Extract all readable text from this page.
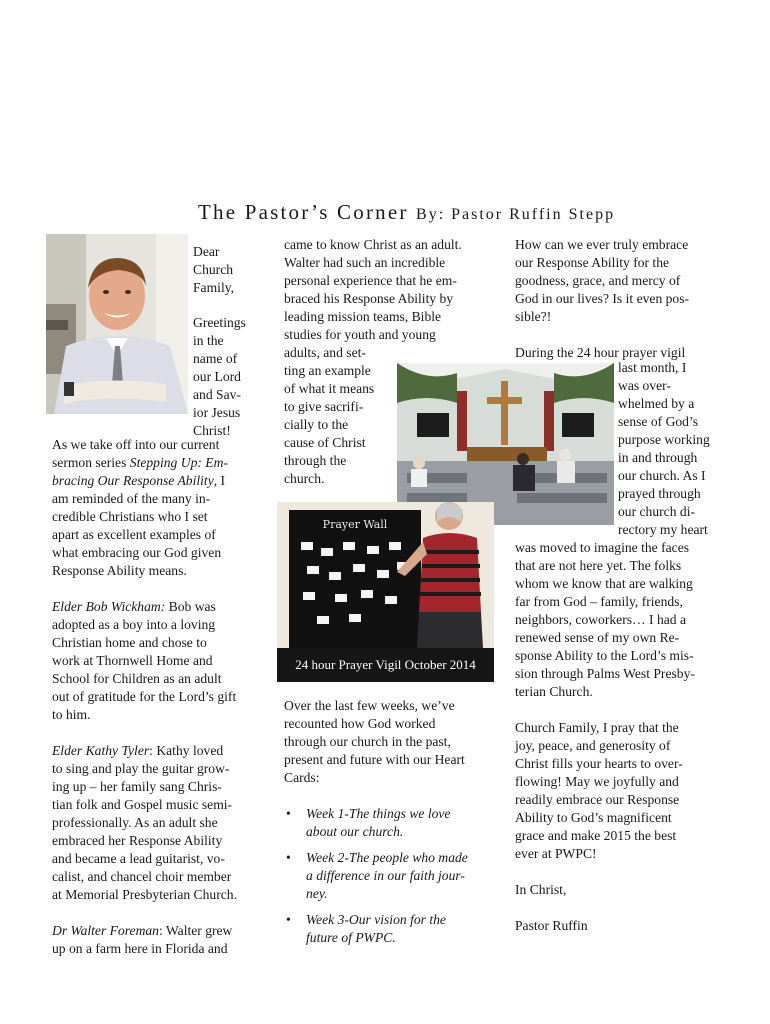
The Pastor’s Corner By: Pastor Ruffin Stepp

Dear

Church

Family,

Greetings

in the

name of

our Lord

and Sav-

ior Jesus

Christ!

As we take off into our current

sermon series Stepping Up: Em-

bracing Our Response Ability, I

am reminded of the many in-

credible Christians who I set

apart as excellent examples of

what embracing our God given

Response Ability means.

Elder Bob Wickham: Bob was

adopted as a boy into a loving

Christian home and chose to

work at Thornwell Home and

School for Children as an adult

out of gratitude for the Lord’s gift

to him.

Elder Kathy Tyler: Kathy loved

to sing and play the guitar grow-

ing up – her family sang Chris-

tian folk and Gospel music semi-

professionally. As an adult she

embraced her Response Ability

and became a lead guitarist, vo-

calist, and chancel choir member

at Memorial Presbyterian Church.

Dr Walter Foreman: Walter grew

up on a farm here in Florida and

came to know Christ as an adult.

Walter had such an incredible

personal experience that he em-

braced his Response Ability by

leading mission teams, Bible

studies for youth and young

adults, and set-

ting an example

of what it means

to give sacrifi-

cially to the

cause of Christ

through the

church.

Prayer Wall
24 hour Prayer Vigil October 2014

Over the last few weeks, we’ve

recounted how God worked

through our church in the past,

present and future with our Heart

Cards:

• Week 1-The things we love
about our church.
• Week 2-The people who made
a difference in our faith jour-
ney.
• Week 3-Our vision for the
future of PWPC.

How can we ever truly embrace

our Response Ability for the

goodness, grace, and mercy of

God in our lives? Is it even pos-

sible?!

During the 24 hour prayer vigil

last month, I

was over-

whelmed by a

sense of God’s

purpose working

in and through

our church. As I

prayed through

our church di-

rectory my heart

was moved to imagine the faces

that are not here yet. The folks

whom we know that are walking

far from God – family, friends,

neighbors, coworkers… I had a

renewed sense of my own Re-

sponse Ability to the Lord’s mis-

sion through Palms West Presby-

terian Church.

Church Family, I pray that the

joy, peace, and generosity of

Christ fills your hearts to over-

flowing! May we joyfully and

readily embrace our Response

Ability to God’s magnificent

grace and make 2015 the best

ever at PWPC!

In Christ,

Pastor Ruffin
